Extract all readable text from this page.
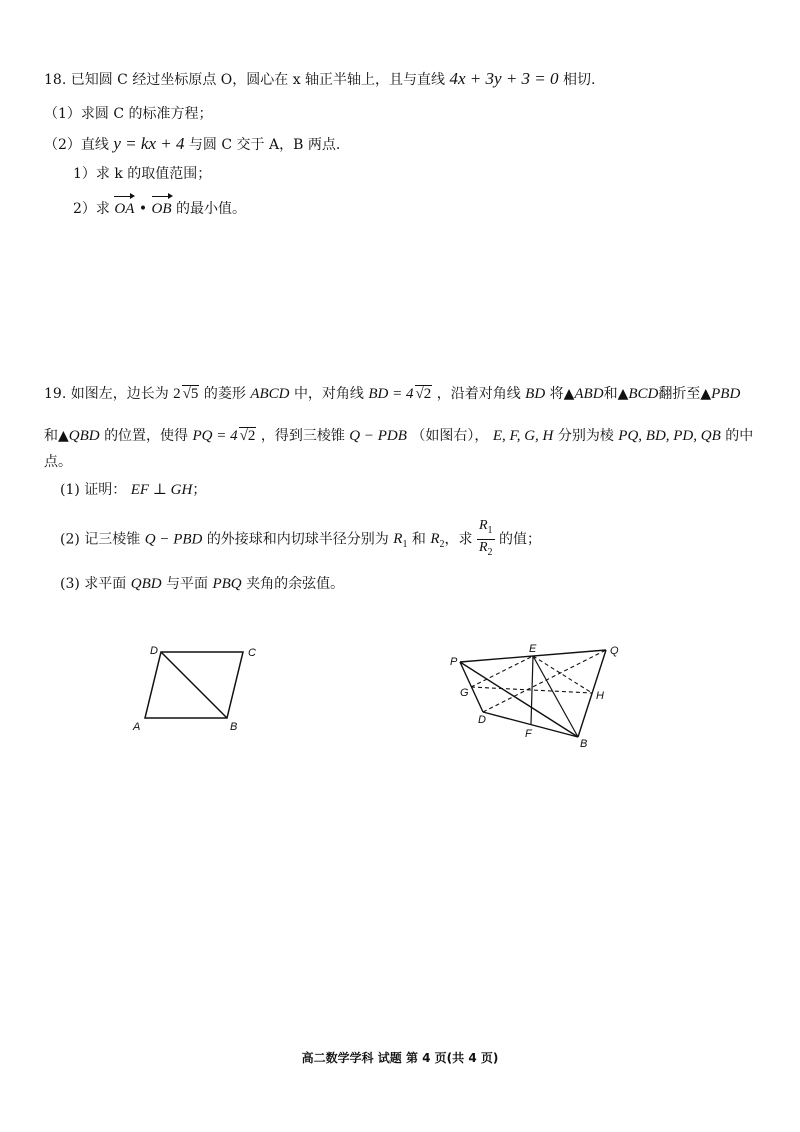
18. 已知圆 C 经过坐标原点 O，圆心在 x 轴正半轴上，且与直线 4x + 3y + 3 = 0 相切.
（1）求圆 C 的标准方程；
（2）直线 y = kx + 4 与圆 C 交于 A，B 两点.
1）求 k 的取值范围；
2）求 OA • OB 的最小值。
19. 如图左，边长为 2 √5 的菱形 ABCD 中，对角线 BD = 4 √2 ，沿着对角线 BD 将▲ABD和▲BCD翻折至▲PBD
和▲QBD 的位置，使得 PQ = 4 √2 ，得到三棱锥 Q − PDB （如图右）， E, F, G, H 分别为棱 PQ, BD, PD, QB 的中
点。
(1) 证明： EF ⊥ GH；
(2) 记三棱锥 Q − PBD 的外接球和内切球半径分别为 $R_1$ 和 $R_2$，求 $\frac{R_1}{R_2}$ 的值；
(3) 求平面 QBD 与平面 PBQ 夹角的余弦值。
D	C
A	B
P
E	Q
G	H
D
F
B
高二数学学科 试题 第 4 页(共 4 页)
